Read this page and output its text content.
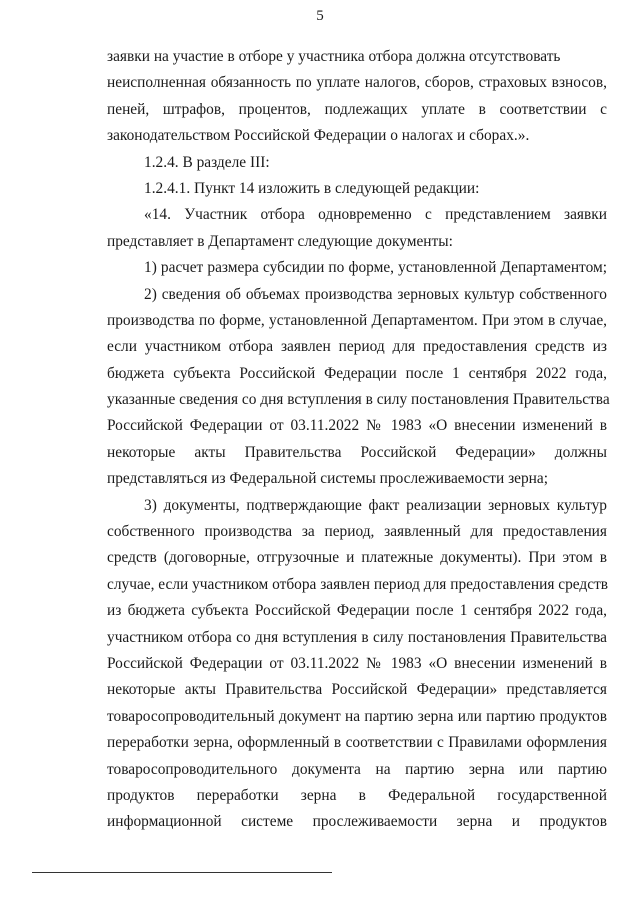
5
заявки на участие в отборе у участника отбора должна отсутствовать
неисполненная обязанность по уплате налогов, сборов, страховых взносов,
пеней, штрафов, процентов, подлежащих уплате в соответствии с
законодательством Российской Федерации о налогах и сборах.».
1.2.4. В разделе III:
1.2.4.1. Пункт 14 изложить в следующей редакции:
«14. Участник отбора одновременно с представлением заявки
представляет в Департамент следующие документы:
1) расчет размера субсидии по форме, установленной Департаментом;
2) сведения об объемах производства зерновых культур собственного
производства по форме, установленной Департаментом. При этом в случае,
если участником отбора заявлен период для предоставления средств из
бюджета субъекта Российской Федерации после 1 сентября 2022 года,
указанные сведения со дня вступления в силу постановления Правительства
Российской Федерации от 03.11.2022 № 1983 «О внесении изменений в
некоторые акты Правительства Российской Федерации» должны
представляться из Федеральной системы прослеживаемости зерна;
3) документы, подтверждающие факт реализации зерновых культур
собственного производства за период, заявленный для предоставления
средств (договорные, отгрузочные и платежные документы). При этом в
случае, если участником отбора заявлен период для предоставления средств
из бюджета субъекта Российской Федерации после 1 сентября 2022 года,
участником отбора со дня вступления в силу постановления Правительства
Российской Федерации от 03.11.2022 № 1983 «О внесении изменений в
некоторые акты Правительства Российской Федерации» представляется
товаросопроводительный документ на партию зерна или партию продуктов
переработки зерна, оформленный в соответствии с Правилами оформления
товаросопроводительного документа на партию зерна или партию
продуктов переработки зерна в Федеральной государственной
информационной системе прослеживаемости зерна и продуктов
